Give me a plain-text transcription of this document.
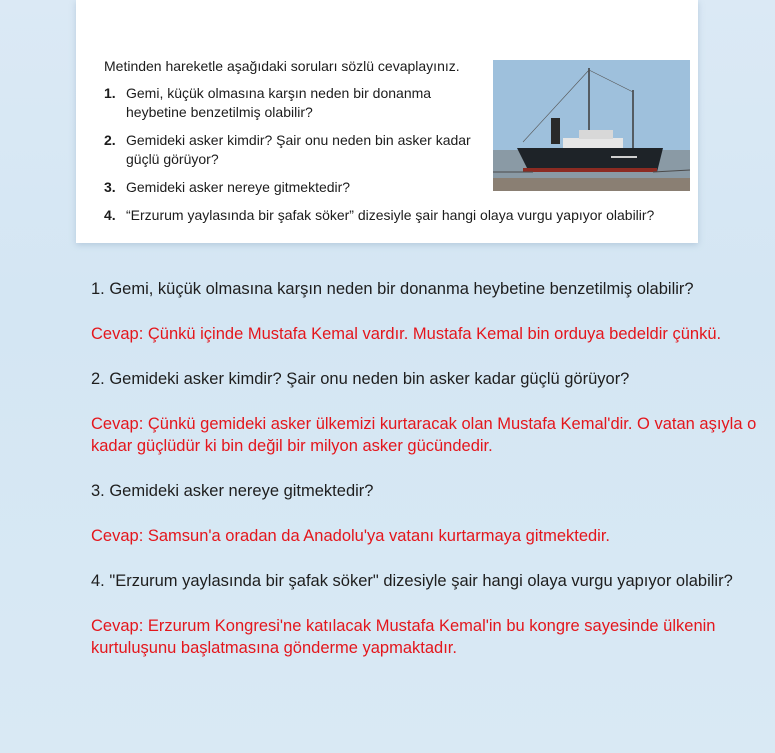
Metinden hareketle aşağıdaki soruları sözlü cevaplayınız.

1. Gemi, küçük olmasına karşın neden bir donanma
heybetine benzetilmiş olabilir?
2. Gemideki asker kimdir? Şair onu neden bin asker kadar
güçlü görüyor?
3. Gemideki asker nereye gitmektedir?
4. “Erzurum yaylasında bir şafak söker” dizesiyle şair hangi olaya vurgu yapıyor olabilir?

1. Gemi, küçük olmasına karşın neden bir donanma heybetine benzetilmiş olabilir?

Cevap: Çünkü içinde Mustafa Kemal vardır. Mustafa Kemal bin orduya bedeldir çünkü.

2. Gemideki asker kimdir? Şair onu neden bin asker kadar güçlü görüyor?

Cevap: Çünkü gemideki asker ülkemizi kurtaracak olan Mustafa Kemal'dir. O vatan aşıyla o kadar güçlüdür ki bin değil bir milyon asker gücündedir.

3. Gemideki asker nereye gitmektedir?

Cevap: Samsun'a oradan da Anadolu'ya vatanı kurtarmaya gitmektedir.

4. "Erzurum yaylasında bir şafak söker" dizesiyle şair hangi olaya vurgu yapıyor olabilir?

Cevap: Erzurum Kongresi'ne katılacak Mustafa Kemal'in bu kongre sayesinde ülkenin kurtuluşunu başlatmasına gönderme yapmaktadır.
